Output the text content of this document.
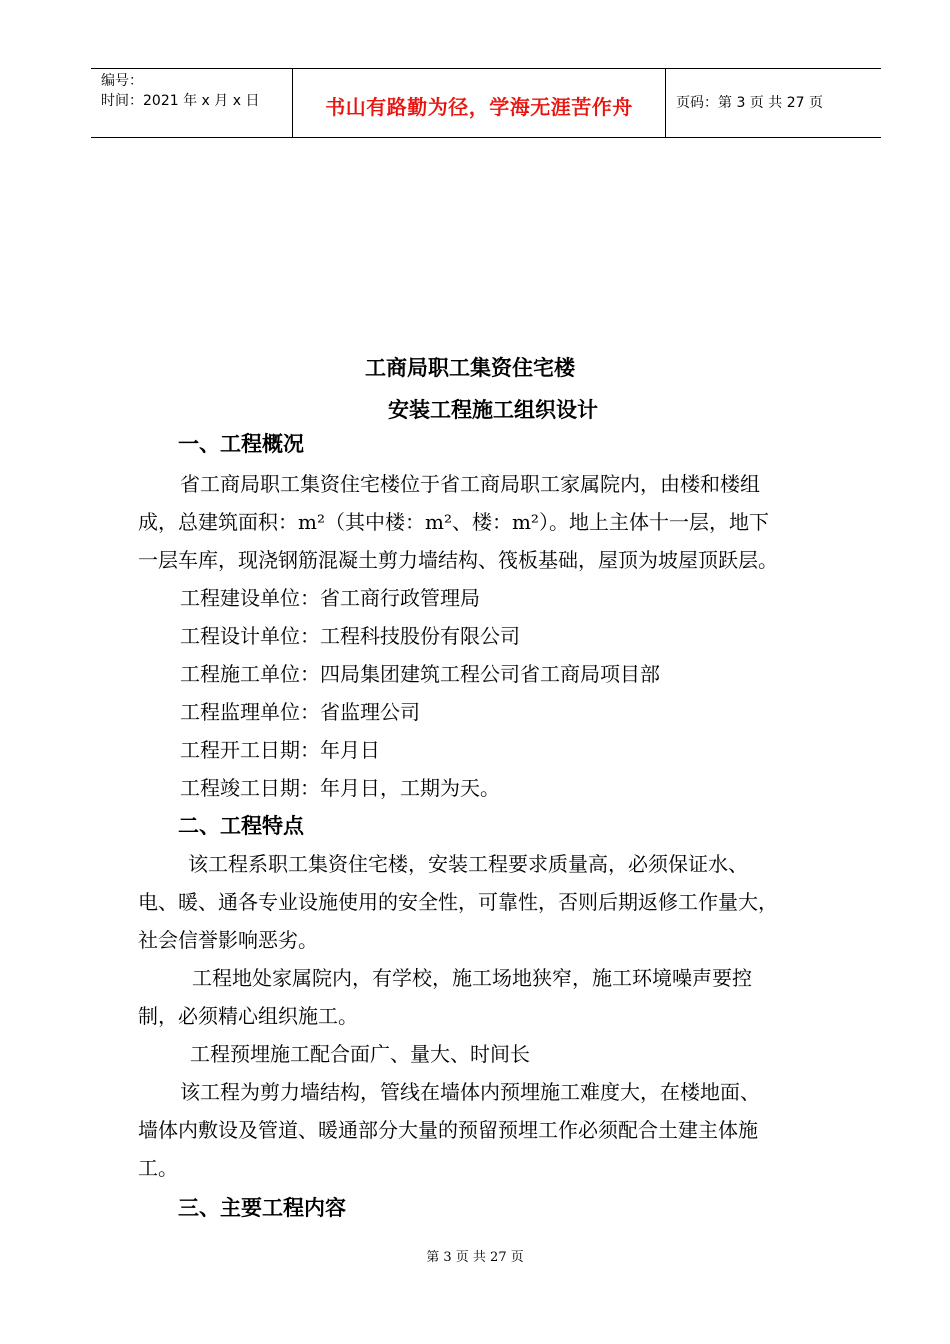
编号：
时间：2021 年 x 月 x 日	书山有路勤为径，学海无涯苦作舟	页码：第 3 页 共 27 页
工商局职工集资住宅楼
安装工程施工组织设计
一、工程概况
省工商局职工集资住宅楼位于省工商局职工家属院内，由楼和楼组
成，总建筑面积：m²（其中楼：m²、楼：m²）。地上主体十一层，地下
一层车库，现浇钢筋混凝土剪力墙结构、筏板基础，屋顶为坡屋顶跃层。
工程建设单位：省工商行政管理局
工程设计单位：工程科技股份有限公司
工程施工单位：四局集团建筑工程公司省工商局项目部
工程监理单位：省监理公司
工程开工日期：年月日
工程竣工日期：年月日，工期为天。
二、工程特点
该工程系职工集资住宅楼，安装工程要求质量高，必须保证水、
电、暖、通各专业设施使用的安全性，可靠性，否则后期返修工作量大，
社会信誉影响恶劣。
工程地处家属院内，有学校，施工场地狭窄，施工环境噪声要控
制，必须精心组织施工。
工程预埋施工配合面广、量大、时间长
该工程为剪力墙结构，管线在墙体内预埋施工难度大，在楼地面、
墙体内敷设及管道、暖通部分大量的预留预埋工作必须配合土建主体施
工。
三、主要工程内容
第 3 页 共 27 页
